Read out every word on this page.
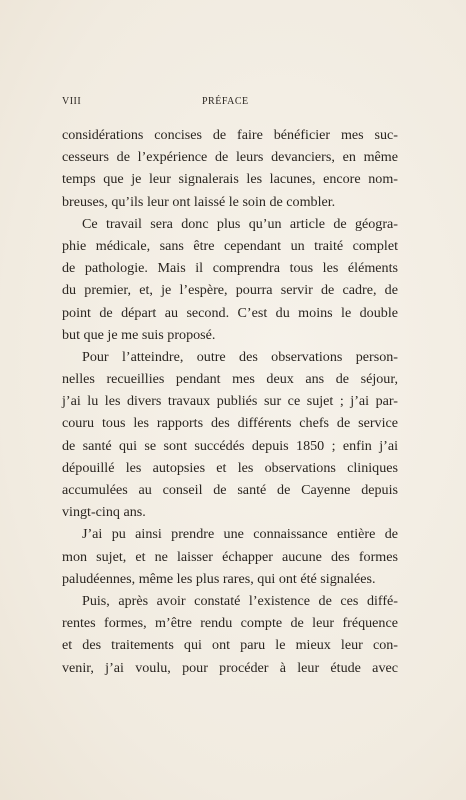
VIII	PRÉFACE
considérations concises de faire bénéficier mes suc-
cesseurs de l’expérience de leurs devanciers, en même
temps que je leur signalerais les lacunes, encore nom-
breuses, qu’ils leur ont laissé le soin de combler.
Ce travail sera donc plus qu’un article de géogra-
phie médicale, sans être cependant un traité complet
de pathologie. Mais il comprendra tous les éléments
du premier, et, je l’espère, pourra servir de cadre, de
point de départ au second. C’est du moins le double
but que je me suis proposé.
Pour l’atteindre, outre des observations person-
nelles recueillies pendant mes deux ans de séjour,
j’ai lu les divers travaux publiés sur ce sujet ; j’ai par-
couru tous les rapports des différents chefs de service
de santé qui se sont succédés depuis 1850 ; enfin j’ai
dépouillé les autopsies et les observations cliniques
accumulées au conseil de santé de Cayenne depuis
vingt-cinq ans.
J’ai pu ainsi prendre une connaissance entière de
mon sujet, et ne laisser échapper aucune des formes
paludéennes, même les plus rares, qui ont été signalées.
Puis, après avoir constaté l’existence de ces diffé-
rentes formes, m’être rendu compte de leur fréquence
et des traitements qui ont paru le mieux leur con-
venir, j’ai voulu, pour procéder à leur étude avec
